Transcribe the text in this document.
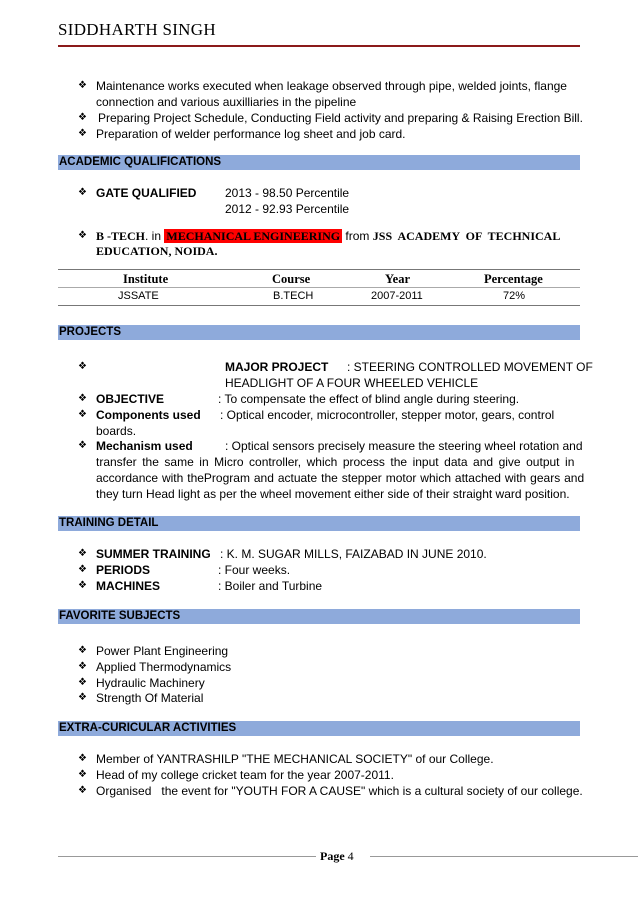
SIDDHARTH SINGH
❖ Maintenance works executed when leakage observed through pipe, welded joints, flange
connection and various auxilliaries in the pipeline
❖ Preparing Project Schedule, Conducting Field activity and preparing & Raising Erection Bill.
❖ Preparation of welder performance log sheet and job card.
ACADEMIC QUALIFICATIONS
❖ GATE QUALIFIED 2013 - 98.50 Percentile
2012 - 92.93 Percentile
❖ B -TECH. in MECHANICAL ENGINEERING from JSS ACADEMY OF TECHNICAL
EDUCATION, NOIDA.
Institute	Course	Year	Percentage
JSSATE	B.TECH	2007-2011	72%
PROJECTS
❖	MAJOR PROJECT : STEERING CONTROLLED MOVEMENT OF
HEADLIGHT OF A FOUR WHEELED VEHICLE
❖ OBJECTIVE	: To compensate the effect of blind angle during steering.
❖ Components used : Optical encoder, microcontroller, stepper motor, gears, control
boards.
❖ Mechanism used	: Optical sensors precisely measure the steering wheel rotation and
transfer the same in Micro controller, which process the input data and give output in
accordance with theProgram and actuate the stepper motor which attached with gears and
they turn Head light as per the wheel movement either side of their straight ward position.
TRAINING DETAIL
❖ SUMMER TRAINING : K. M. SUGAR MILLS, FAIZABAD IN JUNE 2010.
❖ PERIODS	: Four weeks.
❖ MACHINES	: Boiler and Turbine
FAVORITE SUBJECTS
❖ Power Plant Engineering
❖ Applied Thermodynamics
❖ Hydraulic Machinery
❖ Strength Of Material
EXTRA-CURICULAR ACTIVITIES
❖ Member of YANTRASHILP "THE MECHANICAL SOCIETY" of our College.
❖ Head of my college cricket team for the year 2007-2011.
❖ Organised   the event for "YOUTH FOR A CAUSE" which is a cultural society of our college.
Page 4
